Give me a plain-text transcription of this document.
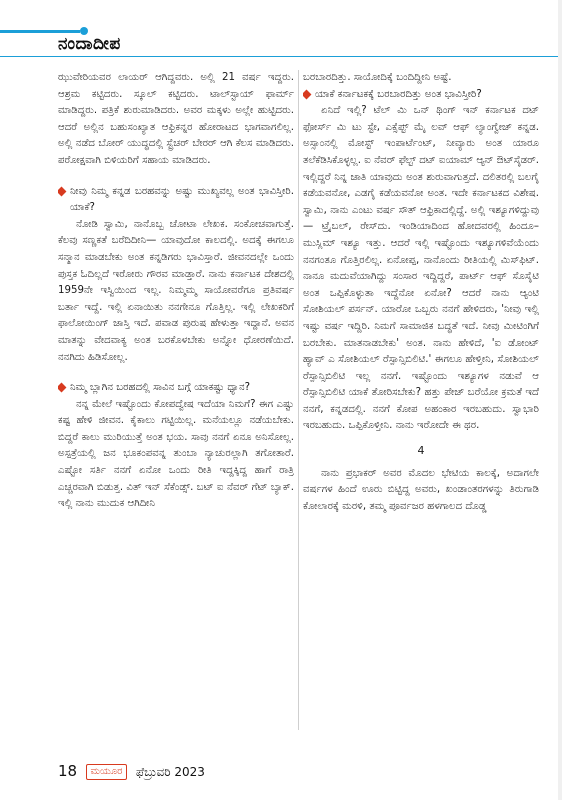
ನಂದಾದೀಪ

ಝುವೇರಿಯವರ ಲಾಯರ್ ಆಗಿದ್ದವರು. ಅಲ್ಲಿ 21 ವರ್ಷ ಇದ್ದರು. ಆಶ್ರಮ ಕಟ್ಟಿದರು. ಸ್ಕೂಲ್ ಕಟ್ಟಿದರು. ಟಾಲ್‌ಸ್ಟಾಯ್ ಫಾರ್ಮ್ ಮಾಡಿದ್ದರು. ಪತ್ರಿಕೆ ಶುರುಮಾಡಿದರು. ಅವರ ಮಕ್ಕಳು ಅಲ್ಲೇ ಹುಟ್ಟಿದರು. ಆದರೆ ಅಲ್ಲಿನ ಬಹುಸಂಖ್ಯಾತ ಆಫ್ರಿಕನ್ನರ ಹೋರಾಟದ ಭಾಗವಾಗಲಿಲ್ಲ. ಅಲ್ಲಿ ನಡೆದ ಬೋರ್ ಯುದ್ಧದಲ್ಲಿ ಸ್ಟ್ರೆಚರ್ ಬೇರರ್ ಆಗಿ ಕೆಲಸ ಮಾಡಿದರು. ಪರೋಕ್ಷವಾಗಿ ಬಿಳಿಯರಿಗೆ ಸಹಾಯ ಮಾಡಿದರು.

ನೀವು ನಿಮ್ಮ ಕನ್ನಡ ಬರಹವನ್ನು ಅಷ್ಟು ಮುಖ್ಯವಲ್ಲ ಅಂತ ಭಾವಿಸ್ತೀರಿ. ಯಾಕೆ?

ನೋಡಿ ಸ್ವಾಮಿ, ನಾನೊಬ್ಬ ಚೋಟಾ ಲೇಖಕ. ಸಂಕೋಚವಾಗುತ್ತೆ. ಕೆಲವು ಸಣ್ಣಕತೆ ಬರೆದಿದೀನಿ— ಯಾವುದೋ ಕಾಲದಲ್ಲಿ. ಅದಕ್ಕೆ ಈಗಲೂ ಸನ್ಮಾನ ಮಾಡಬೇಕು ಅಂತ ಕನ್ನಡಿಗರು ಭಾವಿಸ್ತಾರೆ. ಜೀವನದಲ್ಲೇ ಒಂದು ಪುಸ್ತಕ ಓದಿಲ್ಲದೆ ಇರೋರು ಗೌರವ ಮಾಡ್ತಾರೆ. ನಾನು ಕರ್ನಾಟಕ ದೇಶದಲ್ಲಿ 1959ನೇ ಇಸ್ವಿಯಿಂದ ಇಲ್ಲ. ನಿಮ್ಮಮ್ಮ ಸಾಯೋವರೆಗೂ ಪ್ರತಿವರ್ಷ ಬರ್ತಾ ಇದ್ದೆ. ಇಲ್ಲಿ ಏನಾಯಿತು ನನಗೇನೂ ಗೊತ್ತಿಲ್ಲ. ಇಲ್ಲಿ ಲೇಖಕರಿಗೆ ಫಾಲೋಯಿಂಗ್ ಜಾಸ್ತಿ ಇದೆ. ಪವಾಡ ಪುರುಷ ಹೇಳುತ್ತಾ ಇದ್ದಾನೆ. ಅವನ ಮಾತನ್ನು ವೇದವಾಕ್ಯ ಅಂತ ಬರಕೊಳಬೇಕು ಅನ್ನೋ ಧೋರಣೆಯಿದೆ. ನನಗಿದು ಹಿಡಿಸೋಲ್ಲ.

ನಿಮ್ಮ ಬ್ಲಾಗಿನ ಬರಹದಲ್ಲಿ ಸಾವಿನ ಬಗ್ಗೆ ಯಾಕಷ್ಟು ಧ್ಯಾನ?

ನನ್ನ ಮೇಲೆ ಇಷ್ಟೊಂದು ಕೋಪದ್ವೇಷ ಇದೆಯಾ ನಿಮಗೆ? ಈಗ ಎಷ್ಟು ಕಷ್ಟ ಹೇಳಿ ಜೀವನ. ಕೈಕಾಲು ಗಟ್ಟಿಯಿಲ್ಲ. ಮನೆಯಲ್ಲೂ ನಡೆಯಬೇಕು. ಬಿದ್ದರೆ ಕಾಲು ಮುರಿಯುತ್ತೆ ಅಂತ ಭಯ. ಸಾವು ನನಗೆ ಏನೂ ಅನಿಸೋಲ್ಲ. ಅಸ್ಪತ್ರೆಯಲ್ಲಿ ಜನ ಭೂಕಂಪವನ್ನ ತುಂಬಾ ನ್ಯಾಚುರಲ್ಲಾಗಿ ತಗೋತಾರೆ. ಎಷ್ಟೋ ಸರ್ತಿ ನನಗೆ ಏನೋ ಒಂದು ರೀತಿ ಇದ್ದಕ್ಕಿದ್ದ ಹಾಗೆ ರಾತ್ರಿ ಎಚ್ಚರವಾಗಿ ಬಿಡುತ್ತ. ವಿತ್ ಇನ್ ಸೆಕೆಂಡ್ಸ್. ಬಟ್ ಐ ನೆವರ್ ಗೆಟ್ ಬ್ಯಾಕ್. ಇಲ್ಲಿ ನಾನು ಮುದುಕ ಆಗಿದೀನಿ

ಬರಬಾರದಿತ್ತು. ಸಾಯೋದಿಕ್ಕೆ ಬಂದಿದ್ದೀನಿ ಅಷ್ಟೆ.

ಯಾಕೆ ಕರ್ನಾಟಕಕ್ಕೆ ಬರಬಾರದಿತ್ತು ಅಂತ ಭಾವಿಸ್ತೀರಿ?

ಏನಿದೆ ಇಲ್ಲಿ? ಟೆಲ್ ಮಿ ಒನ್ ಥಿಂಗ್ ಇನ್ ಕರ್ನಾಟಕ ದಟ್ ಫೋರ್ಸ್ ಮಿ ಟು ಸ್ಟೇ, ಎಕ್ಸೆಪ್ಟ್ ಮೈ ಲವ್ ಆಫ್ ಲ್ಯಾಂಗ್ವೇಜ್ ಕನ್ನಡ. ಅಸ್ಸಾಂನಲ್ಲಿ ಮೋಸ್ಟ್ ಇಂಪಾರ್ಟೆಂಟ್, ನೀವ್ಯಾರು ಅಂತ ಯಾರೂ ತಲೆಕೆಡಿಸಿಕೊಳ್ಳಲ್ಲ. ಐ ನೆವರ್ ಫೆಲ್ಟ್ ದಟ್ ಐಯಾಮ್ ಆ್ಯನ್ ಔಟ್‌ಸೈಡರ್. ಇಲ್ಲಿದ್ದರೆ ನಿನ್ನ ಜಾತಿ ಯಾವುದು ಅಂತ ಶುರುವಾಗುತ್ತದೆ. ದಲಿತರಲ್ಲಿ ಬಲಗೈ ಕಡೆಯವನೋ, ಎಡಗೈ ಕಡೆಯವನೋ ಅಂತ. ಇದೇ ಕರ್ನಾಟಕದ ವಿಶೇಷ. ಸ್ವಾಮಿ, ನಾನು ಎಂಟು ವರ್ಷ ಸೌತ್ ಆಫ್ರಿಕಾದಲ್ಲಿದ್ದೆ. ಅಲ್ಲಿ ಇಶ್ಯೂಗಳಿದ್ದುವು — ಟ್ರೈಬಲ್, ರೇಸ್‌ದು. ಇಂಡಿಯಾದಿಂದ ಹೋದವರಲ್ಲಿ ಹಿಂದೂ–ಮುಸ್ಲಿಮ್ ಇಶ್ಯೂ ಇತ್ತು. ಆದರೆ ಇಲ್ಲಿ ಇಷ್ಟೊಂದು ಇಶ್ಯೂಗಳಿವೆಯೆಂದು ನನಗಂತೂ ಗೊತ್ತಿರಲಿಲ್ಲ. ಏನೋಪ್ಪ, ನಾನೊಂದು ರೀತಿಯಲ್ಲಿ ಮಿಸ್‌ಫಿಟ್. ನಾನೂ ಮದುವೆಯಾಗಿದ್ದು ಸಂಸಾರ ಇದ್ದಿದ್ದರೆ, ಪಾರ್ಟ್ ಆಫ್ ಸೊಸೈಟಿ ಅಂತ ಒಪ್ಪಿಕೊಳ್ಳುತಾ ಇದ್ದೆನೋ ಏನೋ? ಆದರೆ ನಾನು ಆ್ಯಂಟಿ ಸೋಶಿಯಲ್ ಪರ್ಸನ್. ಯಾರೋ ಒಬ್ಬರು ನನಗೆ ಹೇಳಿದರು, 'ನೀವು ಇಲ್ಲಿ ಇಷ್ಟು ವರ್ಷ ಇದ್ದಿರಿ. ನಿಮಗೆ ಸಾಮಾಜಿಕ ಬದ್ಧತೆ ಇದೆ. ನೀವು ಮೀಟಿಂಗಿಗೆ ಬರಬೇಕು. ಮಾತನಾಡಬೇಕು' ಅಂತ. ನಾನು ಹೇಳಿದೆ, 'ಐ ಡೋಂಟ್ ಹ್ಯಾವ್ ಎ ಸೋಶಿಯಲ್ ರೆಸ್ಪಾನ್ಸಿಬಿಲಿಟಿ.' ಈಗಲೂ ಹೇಳ್ತೀನಿ, ಸೋಶಿಯಲ್ ರೆಸ್ಪಾನ್ಸಿಬಿಲಿಟಿ ಇಲ್ಲ ನನಗೆ. ಇಷ್ಟೊಂದು ಇಶ್ಯೂಗಳ ನಡುವೆ ಆ ರೆಸ್ಪಾನ್ಸಿಬಿಲಿಟಿ ಯಾಕೆ ತೋರಿಸಬೇಕು? ಹತ್ತು ಪೇಜ್ ಬರೆಯೋ ಕ್ರಮತೆ ಇದೆ ನನಗೆ, ಕನ್ನಡದಲ್ಲಿ. ನನಗೆ ಕೋಪ ಅಹಂಕಾರ ಇರಬಹುದು. ಸ್ವಾಭಾರಿ ಇರಬಹುದು. ಒಪ್ಪಿಕೊಳ್ತೀನಿ. ನಾನು ಇರೋದೇ ಈ ಥರ.

4

ನಾನು ಪ್ರಭಾಕರ್ ಅವರ ಮೊದಲ ಭೇಟಿಯ ಕಾಲಕ್ಕೆ, ಅದಾಗಲೇ ವರ್ಷಗಳ ಹಿಂದೆ ಊರು ಬಿಟ್ಟಿದ್ದ ಅವರು, ಖಂಡಾಂತರಗಳನ್ನು ತಿರುಗಾಡಿ ಕೋಲಾರಕ್ಕೆ ಮರಳಿ, ತಮ್ಮ ಪೂರ್ವಜರ ಹಳಗಾಲದ ದೊಡ್ಡ

18 ಮಯೂರ ಫೆಬ್ರುವರಿ 2023
